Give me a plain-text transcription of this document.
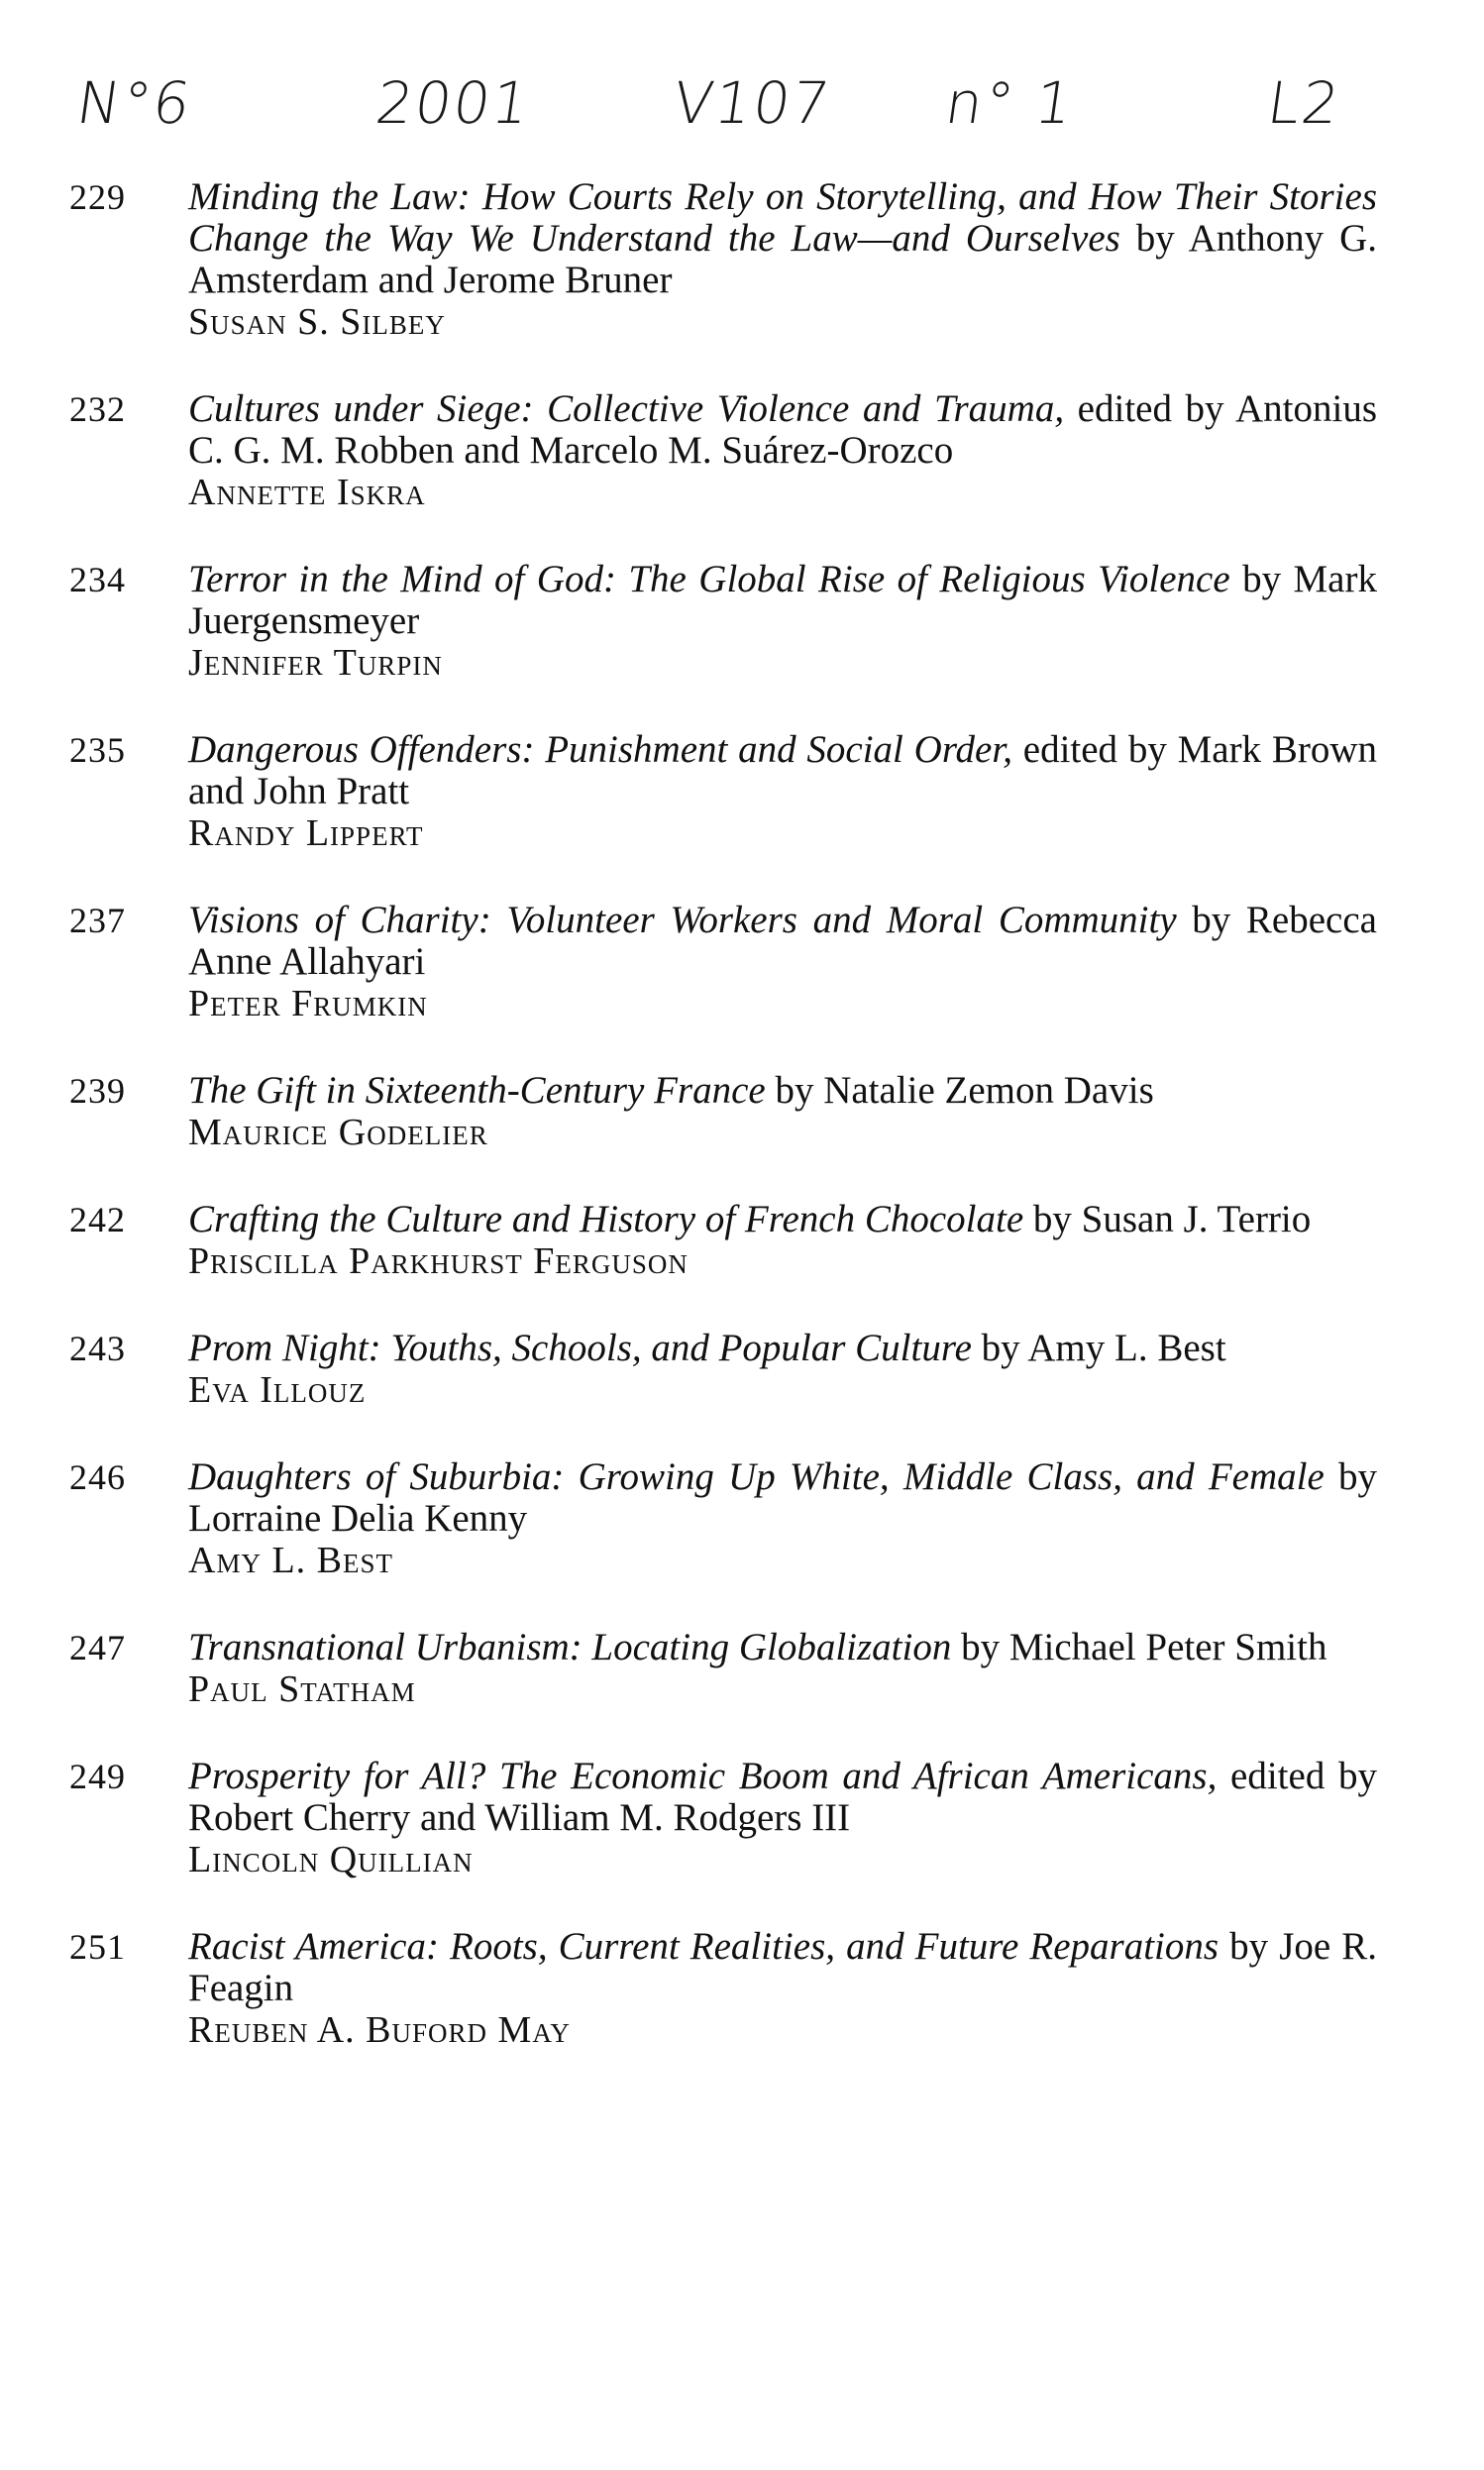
N°6	2001 V107 n° 1	L2
229	Minding the Law: How Courts Rely on Storytelling, and How Their Stories Change the Way We Understand the Law—and Ourselves by Anthony G. Amsterdam and Jerome Bruner
Susan S. Silbey
232	Cultures under Siege: Collective Violence and Trauma, edited by Antonius C. G. M. Robben and Marcelo M. Suárez-Orozco
Annette Iskra
234	Terror in the Mind of God: The Global Rise of Religious Violence by Mark Juergensmeyer
Jennifer Turpin
235	Dangerous Offenders: Punishment and Social Order, edited by Mark Brown and John Pratt
Randy Lippert
237	Visions of Charity: Volunteer Workers and Moral Community by Rebecca Anne Allahyari
Peter Frumkin
239	The Gift in Sixteenth-Century France by Natalie Zemon Davis
Maurice Godelier
242	Crafting the Culture and History of French Chocolate by Susan J. Terrio
Priscilla Parkhurst Ferguson
243	Prom Night: Youths, Schools, and Popular Culture by Amy L. Best
Eva Illouz
246	Daughters of Suburbia: Growing Up White, Middle Class, and Female by Lorraine Delia Kenny
Amy L. Best
247	Transnational Urbanism: Locating Globalization by Michael Peter Smith
Paul Statham
249	Prosperity for All? The Economic Boom and African Americans, edited by Robert Cherry and William M. Rodgers III
Lincoln Quillian
251	Racist America: Roots, Current Realities, and Future Reparations by Joe R. Feagin
Reuben A. Buford May
